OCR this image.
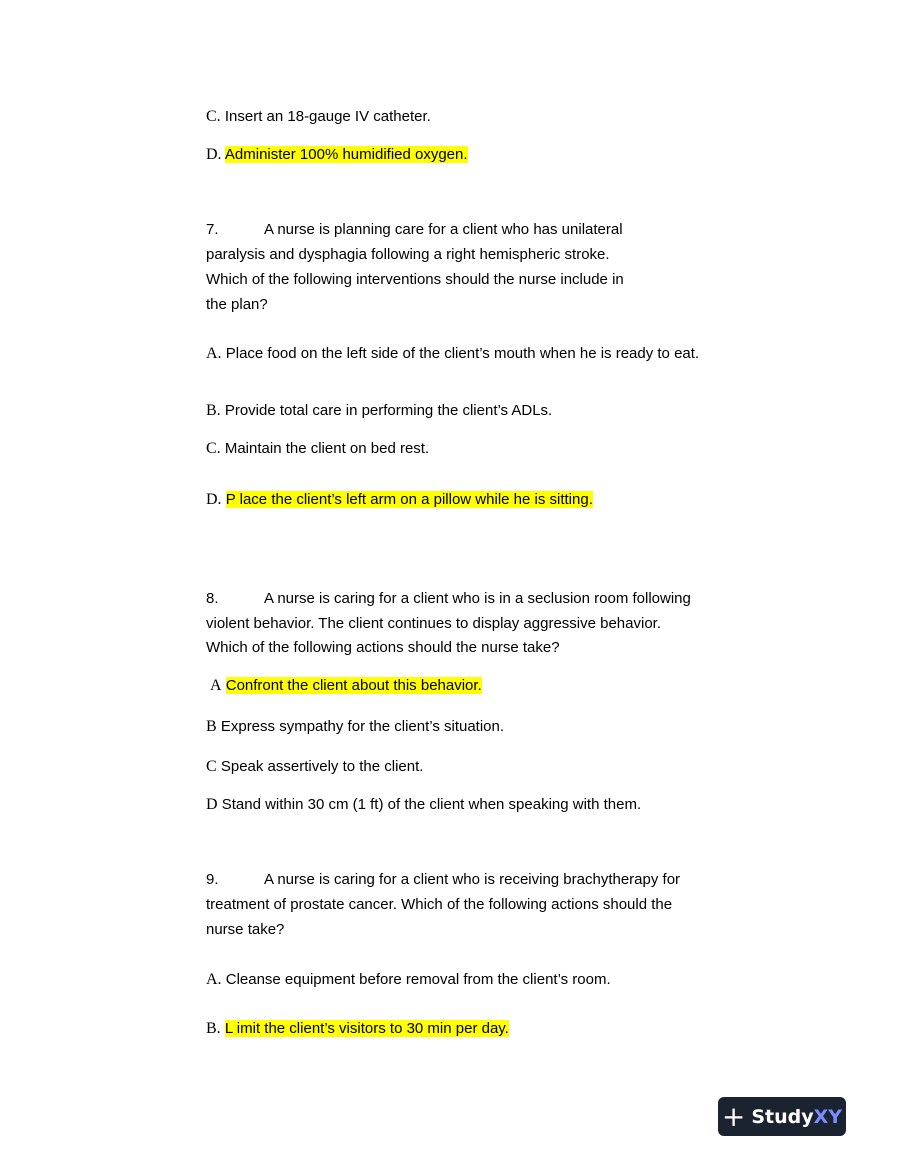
C. Insert an 18-gauge IV catheter.
D. Administer 100% humidified oxygen.
7.	A nurse is planning care for a client who has unilateral
paralysis and dysphagia following a right hemispheric stroke.
Which of the following interventions should the nurse include in
the plan?
A. Place food on the left side of the client’s mouth when he is ready to eat.
B. Provide total care in performing the client’s ADLs.
C. Maintain the client on bed rest.
D. P lace the client’s left arm on a pillow while he is sitting.
8.	A nurse is caring for a client who is in a seclusion room following
violent behavior. The client continues to display aggressive behavior.
Which of the following actions should the nurse take?
A Confront the client about this behavior.
B Express sympathy for the client’s situation.
C Speak assertively to the client.
D Stand within 30 cm (1 ft) of the client when speaking with them.
9.	A nurse is caring for a client who is receiving brachytherapy for
treatment of prostate cancer. Which of the following actions should the
nurse take?
A. Cleanse equipment before removal from the client’s room.
B. L imit the client’s visitors to 30 min per day.
+ Study XY
